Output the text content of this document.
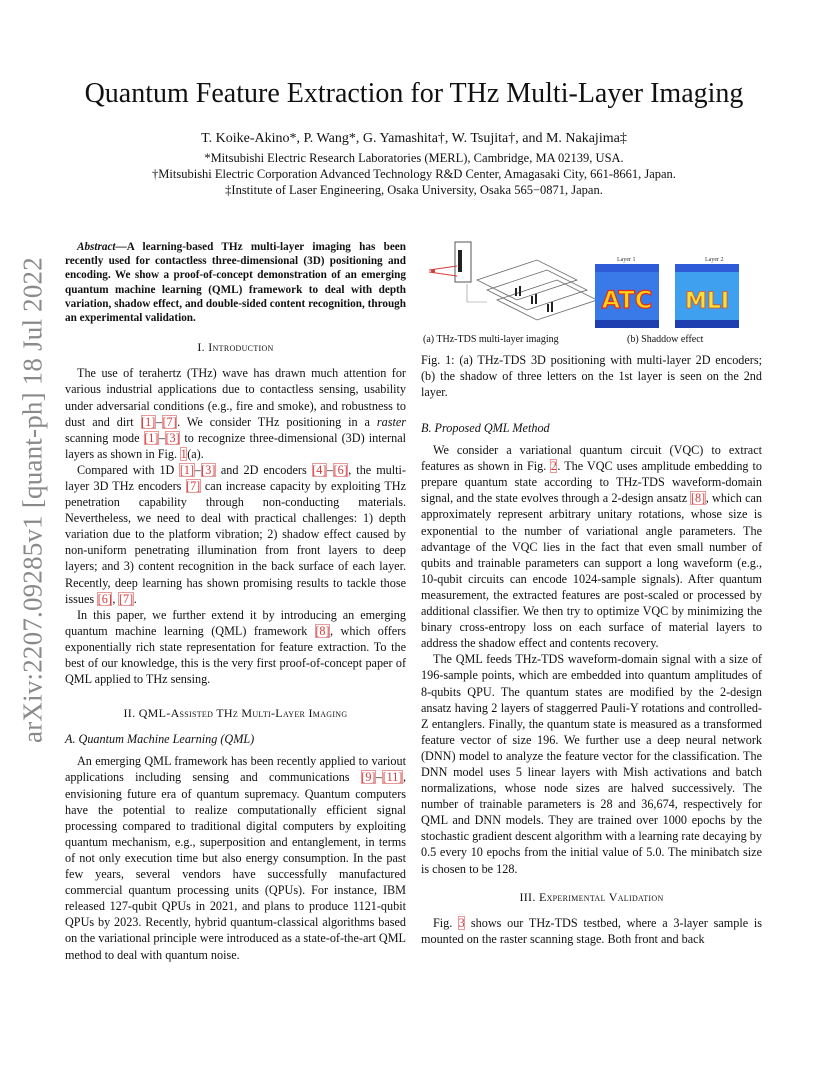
arXiv:2207.09285v1 [quant-ph] 18 Jul 2022
Quantum Feature Extraction for THz Multi-Layer Imaging
T. Koike-Akino*, P. Wang*, G. Yamashita†, W. Tsujita†, and M. Nakajima‡
*Mitsubishi Electric Research Laboratories (MERL), Cambridge, MA 02139, USA.
†Mitsubishi Electric Corporation Advanced Technology R&D Center, Amagasaki City, 661-8661, Japan.
‡Institute of Laser Engineering, Osaka University, Osaka 565−0871, Japan.
Abstract—A learning-based THz multi-layer imaging has been recently used for contactless three-dimensional (3D) positioning and encoding. We show a proof-of-concept demonstration of an emerging quantum machine learning (QML) framework to deal with depth variation, shadow effect, and double-sided content recognition, through an experimental validation.
I. Introduction

The use of terahertz (THz) wave has drawn much attention for various industrial applications due to contactless sensing, usability under adversarial conditions (e.g., fire and smoke), and robustness to dust and dirt [1]–[7]. We consider THz positioning in a raster scanning mode [1]–[3] to recognize three-dimensional (3D) internal layers as shown in Fig. 1(a).

Compared with 1D [1]–[3] and 2D encoders [4]–[6], the multi-layer 3D THz encoders [7] can increase capacity by exploiting THz penetration capability through non-conducting materials. Nevertheless, we need to deal with practical challenges: 1) depth variation due to the platform vibration; 2) shadow effect caused by non-uniform penetrating illumination from front layers to deep layers; and 3) content recognition in the back surface of each layer. Recently, deep learning has shown promising results to tackle those issues [6], [7].

In this paper, we further extend it by introducing an emerging quantum machine learning (QML) framework [8], which offers exponentially rich state representation for feature extraction. To the best of our knowledge, this is the very first proof-of-concept paper of QML applied to THz sensing.

II. QML-Assisted THz Multi-Layer Imaging
A. Quantum Machine Learning (QML)

An emerging QML framework has been recently applied to variout applications including sensing and communications [9]–[11], envisioning future era of quantum supremacy. Quantum computers have the potential to realize computationally efficient signal processing compared to traditional digital computers by exploiting quantum mechanism, e.g., superposition and entanglement, in terms of not only execution time but also energy consumption. In the past few years, several vendors have successfully manufactured commercial quantum processing units (QPUs). For instance, IBM released 127-qubit QPUs in 2021, and plans to produce 1121-qubit QPUs by 2023. Recently, hybrid quantum-classical algorithms based on the variational principle were introduced as a state-of-the-art QML method to deal with quantum noise.

Layer 1	Layer 2
ATC MLI
(a) THz-TDS multi-layer imaging	(b) Shaddow effect
Fig. 1: (a) THz-TDS 3D positioning with multi-layer 2D encoders; (b) the shadow of three letters on the 1st layer is seen on the 2nd layer.
B. Proposed QML Method

We consider a variational quantum circuit (VQC) to extract features as shown in Fig. 2. The VQC uses amplitude embedding to prepare quantum state according to THz-TDS waveform-domain signal, and the state evolves through a 2-design ansatz [8], which can approximately represent arbitrary unitary rotations, whose size is exponential to the number of variational angle parameters. The advantage of the VQC lies in the fact that even small number of qubits and trainable parameters can support a long waveform (e.g., 10-qubit circuits can encode 1024-sample signals). After quantum measurement, the extracted features are post-scaled or processed by additional classifier. We then try to optimize VQC by minimizing the binary cross-entropy loss on each surface of material layers to address the shadow effect and contents recovery.

The QML feeds THz-TDS waveform-domain signal with a size of 196-sample points, which are embedded into quantum amplitudes of 8-qubits QPU. The quantum states are modified by the 2-design ansatz having 2 layers of staggerred Pauli-Y rotations and controlled-Z entanglers. Finally, the quantum state is measured as a transformed feature vector of size 196. We further use a deep neural network (DNN) model to analyze the feature vector for the classification. The DNN model uses 5 linear layers with Mish activations and batch normalizations, whose node sizes are halved successively. The number of trainable parameters is 28 and 36,674, respectively for QML and DNN models. They are trained over 1000 epochs by the stochastic gradient descent algorithm with a learning rate decaying by 0.5 every 10 epochs from the initial value of 5.0. The minibatch size is chosen to be 128.

III. Experimental Validation

Fig. 3 shows our THz-TDS testbed, where a 3-layer sample is mounted on the raster scanning stage. Both front and back
